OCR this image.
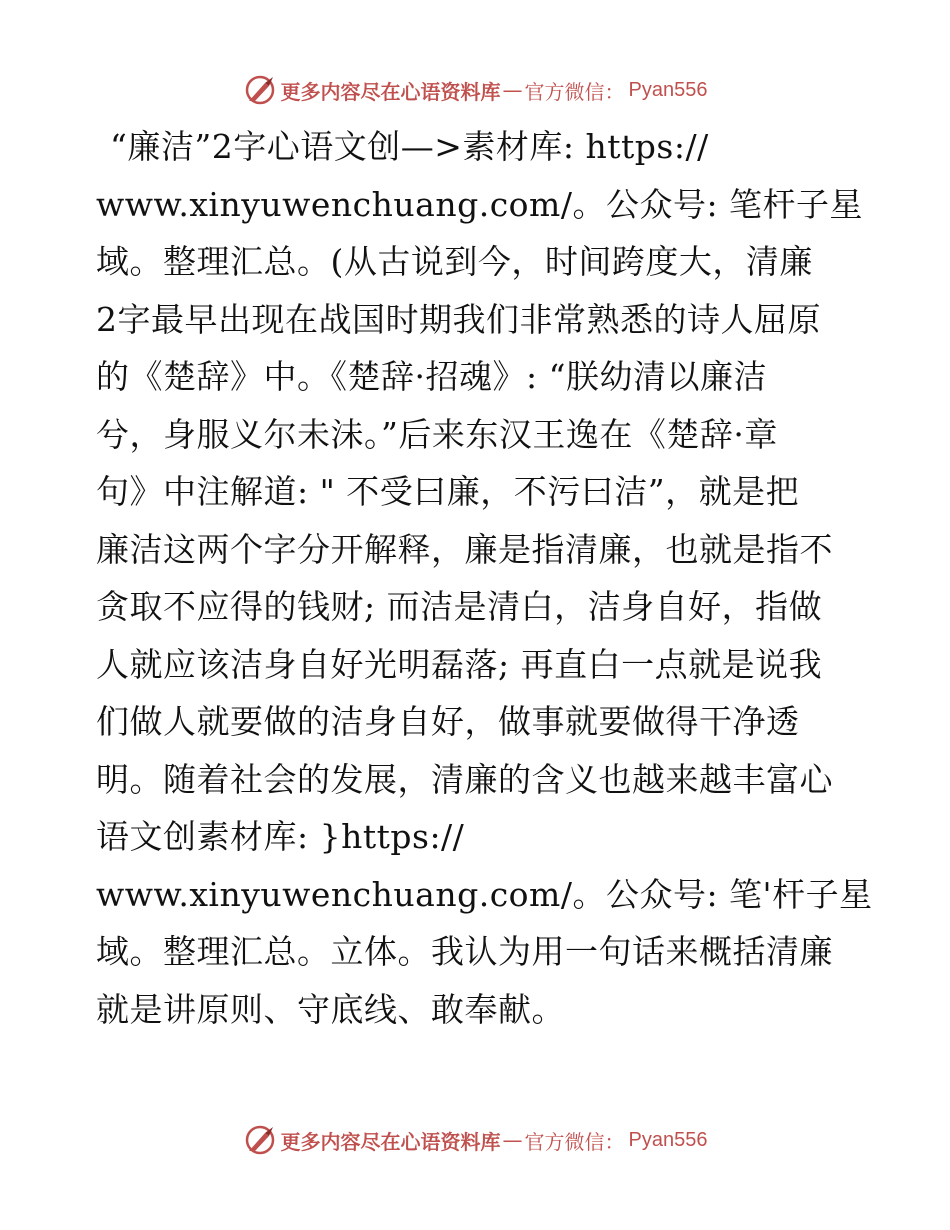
更多内容尽在心语资料库 — 官方微信： Pyan556
“廉洁”2字心语文创—>素材库: https://
www.xinyuwenchuang.com/。公众号: 笔杆子星
域。整理汇总。(从古说到今，时间跨度大，清廉
2字最早出现在战国时期我们非常熟悉的诗人屈原
的《楚辞》中。《楚辞·招魂》: “朕幼清以廉洁
兮，身服义尔未沬。”后来东汉王逸在《楚辞·章
句》中注解道: " 不受曰廉，不污曰洁”，就是把
廉洁这两个字分开解释，廉是指清廉，也就是指不
贪取不应得的钱财; 而洁是清白，洁身自好，指做
人就应该洁身自好光明磊落; 再直白一点就是说我
们做人就要做的洁身自好，做事就要做得干净透
明。随着社会的发展，清廉的含义也越来越丰富心
语文创素材库: }https://
www.xinyuwenchuang.com/。公众号: 笔'杆子星
域。整理汇总。立体。我认为用一句话来概括清廉
就是讲原则、守底线、敢奉献。
更多内容尽在心语资料库 — 官方微信： Pyan556
